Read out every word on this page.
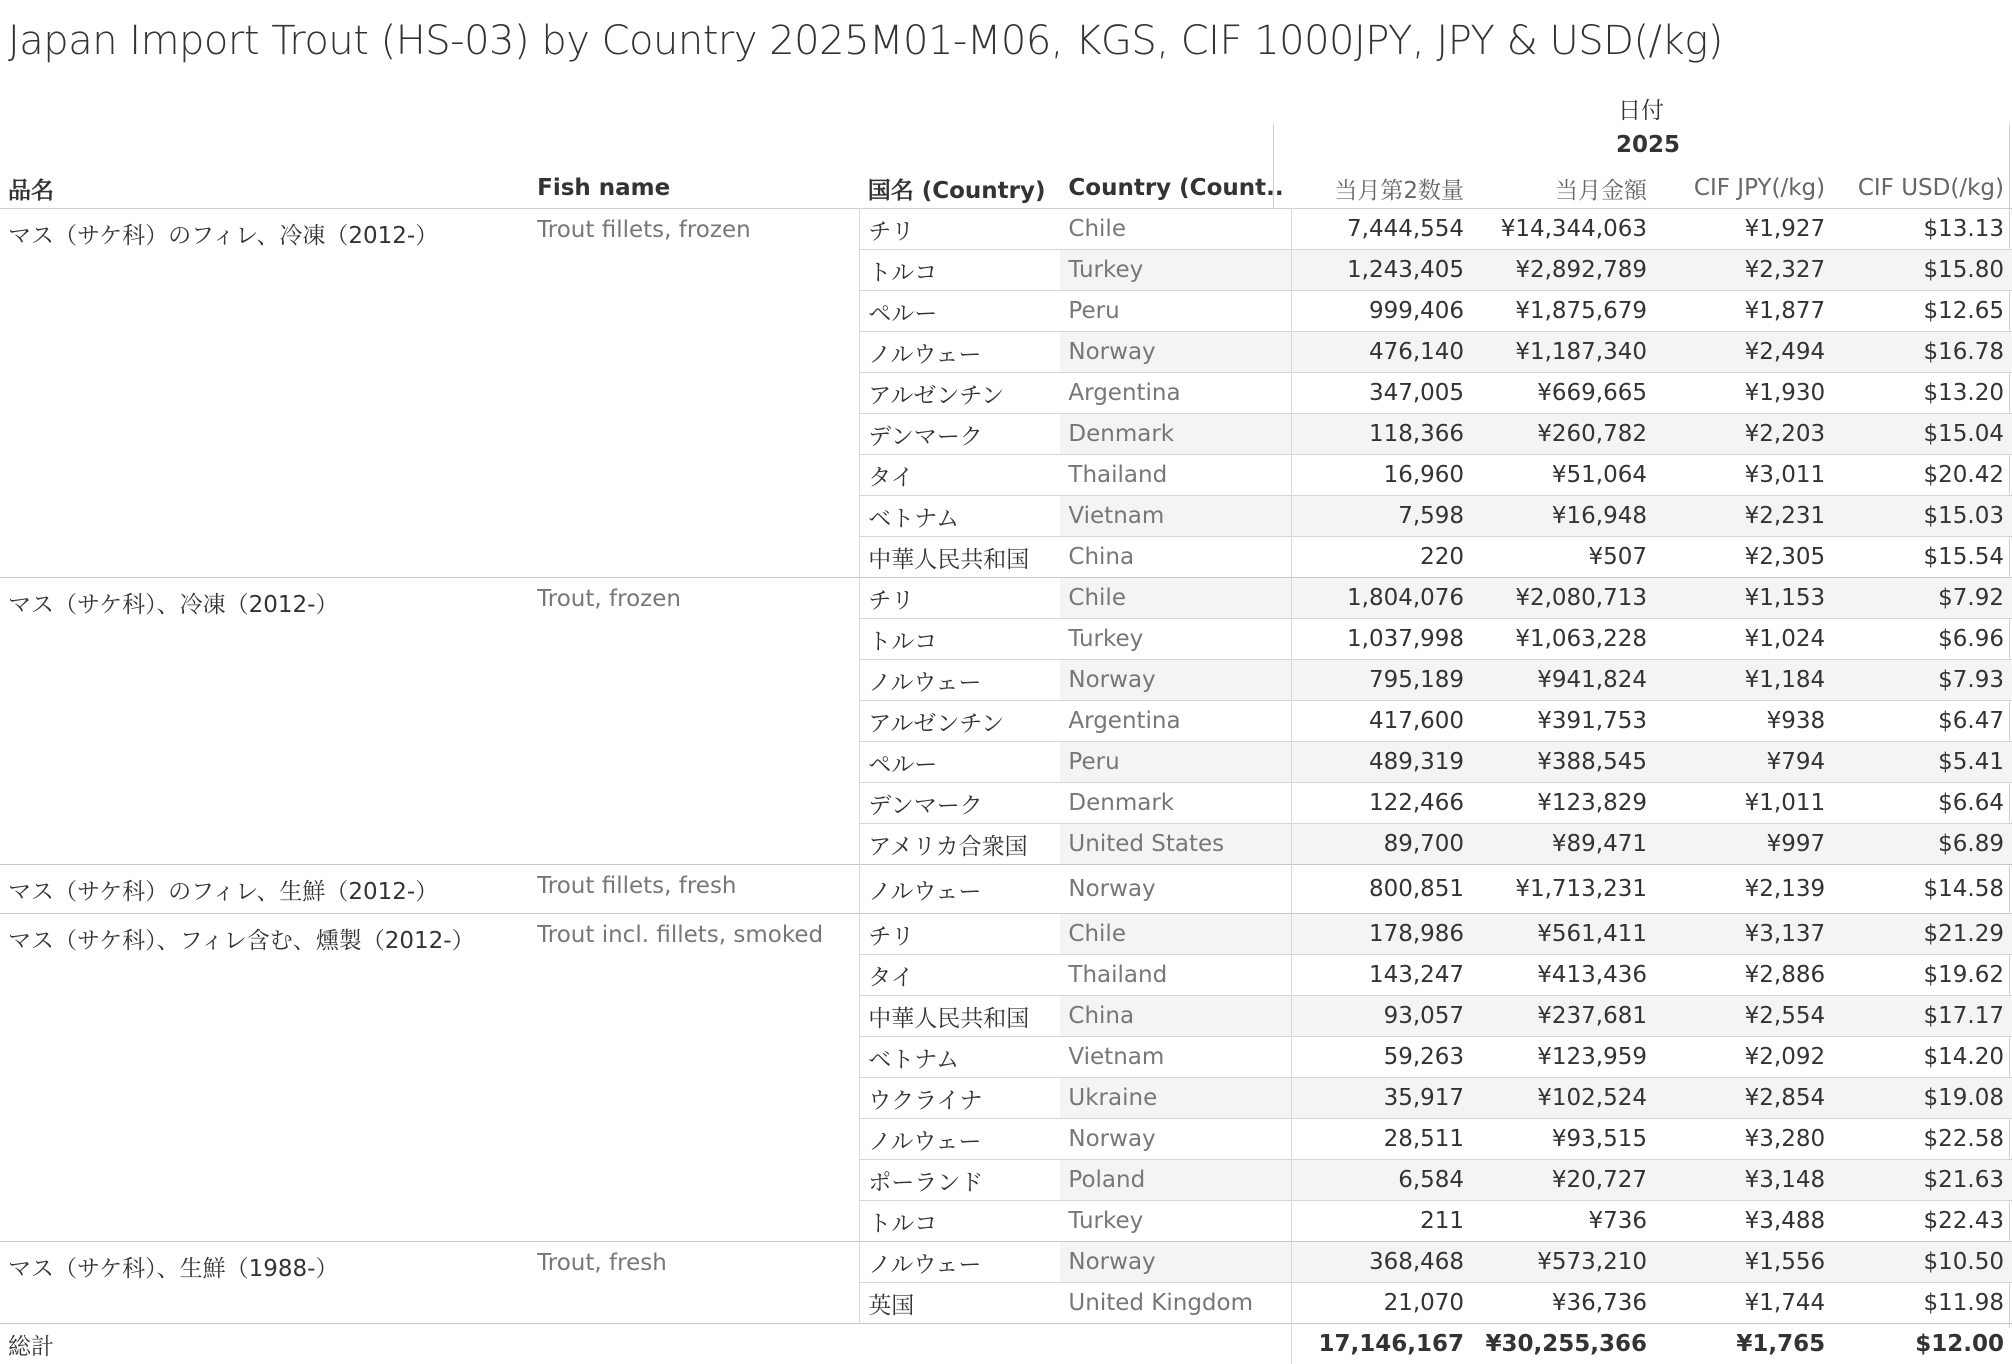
Japan Import Trout (HS-03) by Country 2025M01-M06, KGS, CIF 1000JPY, JPY & USD(/kg)
日付
2025
品名	Fish name	国名 (Country)	Country (Count..	当月第2数量	当月金額	CIF JPY(/kg)	CIF USD(/kg)
マス（サケ科）のフィレ、冷凍（2012-）	Trout fillets, frozen	チリ	Chile	7,444,554	¥14,344,063	¥1,927	$13.13
		トルコ	Turkey	1,243,405	¥2,892,789	¥2,327	$15.80
		ペルー	Peru	999,406	¥1,875,679	¥1,877	$12.65
		ノルウェー	Norway	476,140	¥1,187,340	¥2,494	$16.78
		アルゼンチン	Argentina	347,005	¥669,665	¥1,930	$13.20
		デンマーク	Denmark	118,366	¥260,782	¥2,203	$15.04
		タイ	Thailand	16,960	¥51,064	¥3,011	$20.42
		ベトナム	Vietnam	7,598	¥16,948	¥2,231	$15.03
		中華人民共和国	China	220	¥507	¥2,305	$15.54
マス（サケ科）、冷凍（2012-）	Trout, frozen	チリ	Chile	1,804,076	¥2,080,713	¥1,153	$7.92
		トルコ	Turkey	1,037,998	¥1,063,228	¥1,024	$6.96
		ノルウェー	Norway	795,189	¥941,824	¥1,184	$7.93
		アルゼンチン	Argentina	417,600	¥391,753	¥938	$6.47
		ペルー	Peru	489,319	¥388,545	¥794	$5.41
		デンマーク	Denmark	122,466	¥123,829	¥1,011	$6.64
		アメリカ合衆国	United States	89,700	¥89,471	¥997	$6.89
マス（サケ科）のフィレ、生鮮（2012-）	Trout fillets, fresh	ノルウェー	Norway	800,851	¥1,713,231	¥2,139	$14.58
マス（サケ科）、フィレ含む、燻製（2012-）	Trout incl. fillets, smoked	チリ	Chile	178,986	¥561,411	¥3,137	$21.29
		タイ	Thailand	143,247	¥413,436	¥2,886	$19.62
		中華人民共和国	China	93,057	¥237,681	¥2,554	$17.17
		ベトナム	Vietnam	59,263	¥123,959	¥2,092	$14.20
		ウクライナ	Ukraine	35,917	¥102,524	¥2,854	$19.08
		ノルウェー	Norway	28,511	¥93,515	¥3,280	$22.58
		ポーランド	Poland	6,584	¥20,727	¥3,148	$21.63
		トルコ	Turkey	211	¥736	¥3,488	$22.43
マス（サケ科）、生鮮（1988-）	Trout, fresh	ノルウェー	Norway	368,468	¥573,210	¥1,556	$10.50
		英国	United Kingdom	21,070	¥36,736	¥1,744	$11.98
総計				17,146,167	¥30,255,366	¥1,765	$12.00
